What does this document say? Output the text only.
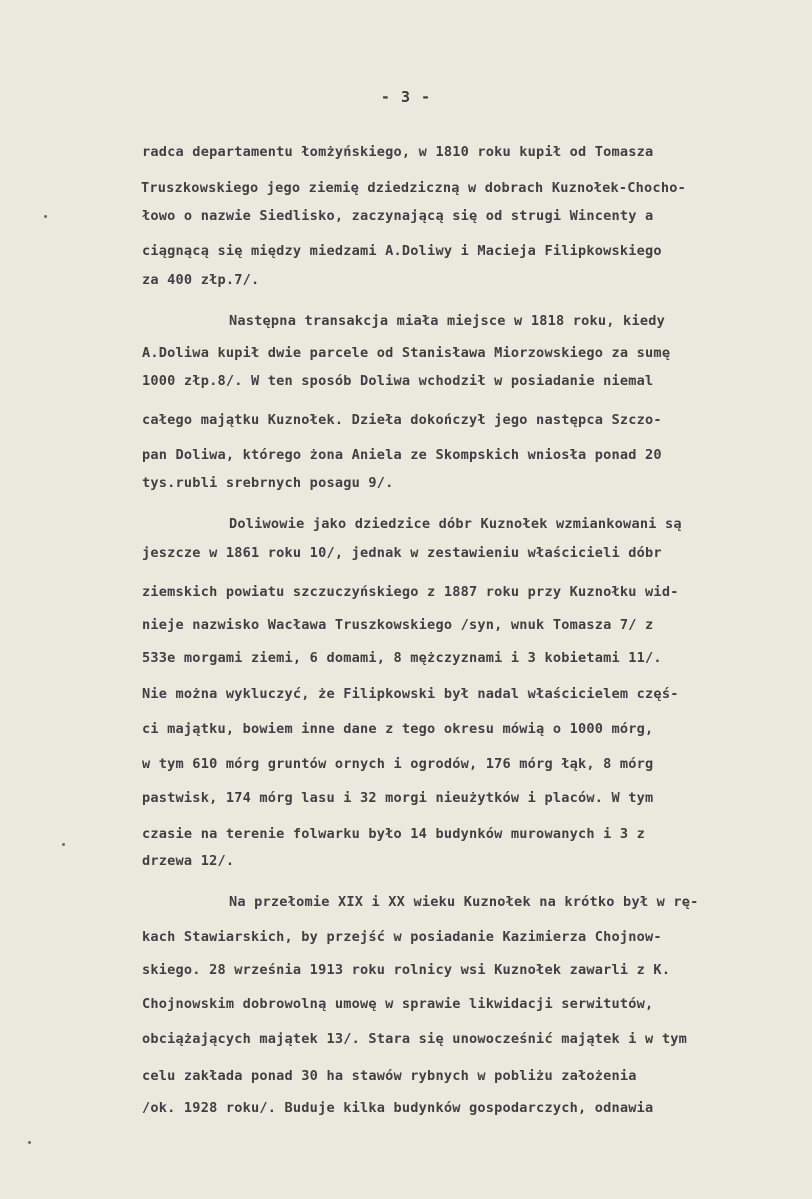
- 3 -
radca departamentu łomżyńskiego, w 1810 roku kupił od Tomasza
Truszkowskiego jego ziemię dziedziczną w dobrach Kuznołek-Chocho-
łowo o nazwie Siedlisko, zaczynającą się od strugi Wincenty a
ciągnącą się między miedzami A.Doliwy i Macieja Filipkowskiego
za 400 złp.7/.
Następna transakcja miała miejsce w 1818 roku, kiedy
A.Doliwa kupił dwie parcele od Stanisława Miorzowskiego za sumę
1000 złp.8/. W ten sposób Doliwa wchodził w posiadanie niemal
całego majątku Kuznołek. Dzieła dokończył jego następca Szczo-
pan Doliwa, którego żona Aniela ze Skompskich wniosła ponad 20
tys.rubli srebrnych posagu 9/.
Doliwowie jako dziedzice dóbr Kuznołek wzmiankowani są
jeszcze w 1861 roku 10/, jednak w zestawieniu właścicieli dóbr
ziemskich powiatu szczuczyńskiego z 1887 roku przy Kuznołku wid-
nieje nazwisko Wacława Truszkowskiego /syn, wnuk Tomasza 7/ z
533e morgami ziemi, 6 domami, 8 mężczyznami i 3 kobietami 11/.
Nie można wykluczyć, że Filipkowski był nadal właścicielem częś-
ci majątku, bowiem inne dane z tego okresu mówią o 1000 mórg,
w tym 610 mórg gruntów ornych i ogrodów, 176 mórg łąk, 8 mórg
pastwisk, 174 mórg lasu i 32 morgi nieużytków i placów. W tym
czasie na terenie folwarku było 14 budynków murowanych i 3 z
drzewa 12/.
Na przełomie XIX i XX wieku Kuznołek na krótko był w rę-
kach Stawiarskich, by przejść w posiadanie Kazimierza Chojnow-
skiego. 28 września 1913 roku rolnicy wsi Kuznołek zawarli z K.
Chojnowskim dobrowolną umowę w sprawie likwidacji serwitutów,
obciążających majątek 13/. Stara się unowocześnić majątek i w tym
celu zakłada ponad 30 ha stawów rybnych w pobliżu założenia
/ok. 1928 roku/. Buduje kilka budynków gospodarczych, odnawia
